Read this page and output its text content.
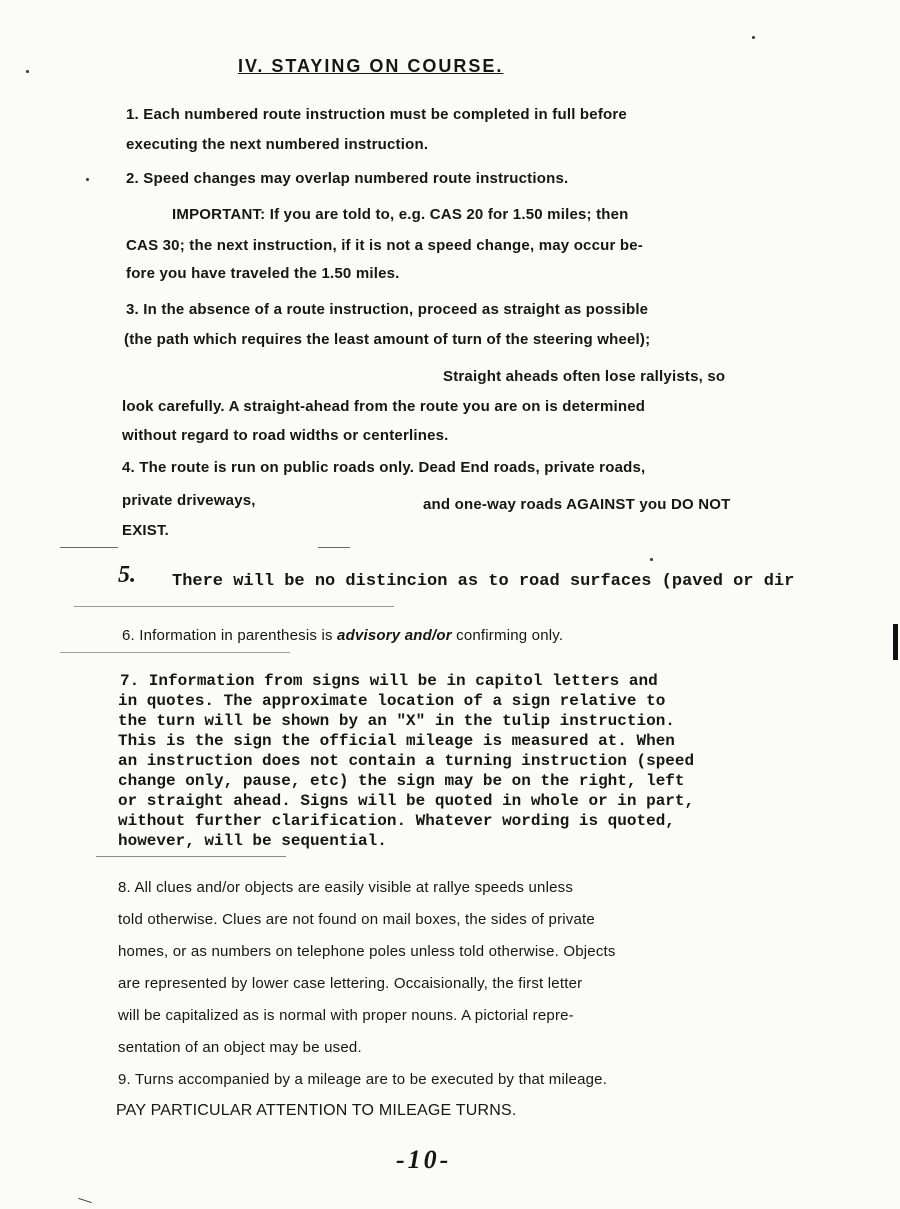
IV. STAYING ON COURSE.
1. Each numbered route instruction must be completed in full before
executing the next numbered instruction.
2. Speed changes may overlap numbered route instructions.
IMPORTANT: If you are told to, e.g. CAS 20 for 1.50 miles; then
CAS 30; the next instruction, if it is not a speed change, may occur be-
fore you have traveled the 1.50 miles.
3. In the absence of a route instruction, proceed as straight as possible
(the path which requires the least amount of turn of the steering wheel);
Straight aheads often lose rallyists, so
look carefully. A straight-ahead from the route you are on is determined
without regard to road widths or centerlines.
4. The route is run on public roads only. Dead End roads, private roads,
private driveways,	and one-way roads AGAINST you DO NOT
EXIST.
5. There will be no distincion as to road surfaces (paved or dir
6. Information in parenthesis is advisory and/or confirming only.
7. Information from signs will be in capitol letters and
in quotes. The approximate location of a sign relative to
the turn will be shown by an "X" in the tulip instruction.
This is the sign the official mileage is measured at. When
an instruction does not contain a turning instruction (speed
change only, pause, etc) the sign may be on the right, left
or straight ahead. Signs will be quoted in whole or in part,
without further clarification. Whatever wording is quoted,
however, will be sequential.
8. All clues and/or objects are easily visible at rallye speeds unless
told otherwise. Clues are not found on mail boxes, the sides of private
homes, or as numbers on telephone poles unless told otherwise. Objects
are represented by lower case lettering. Occaisionally, the first letter
will be capitalized as is normal with proper nouns. A pictorial repre-
sentation of an object may be used.
9. Turns accompanied by a mileage are to be executed by that mileage.
PAY PARTICULAR ATTENTION TO MILEAGE TURNS.
-10-
